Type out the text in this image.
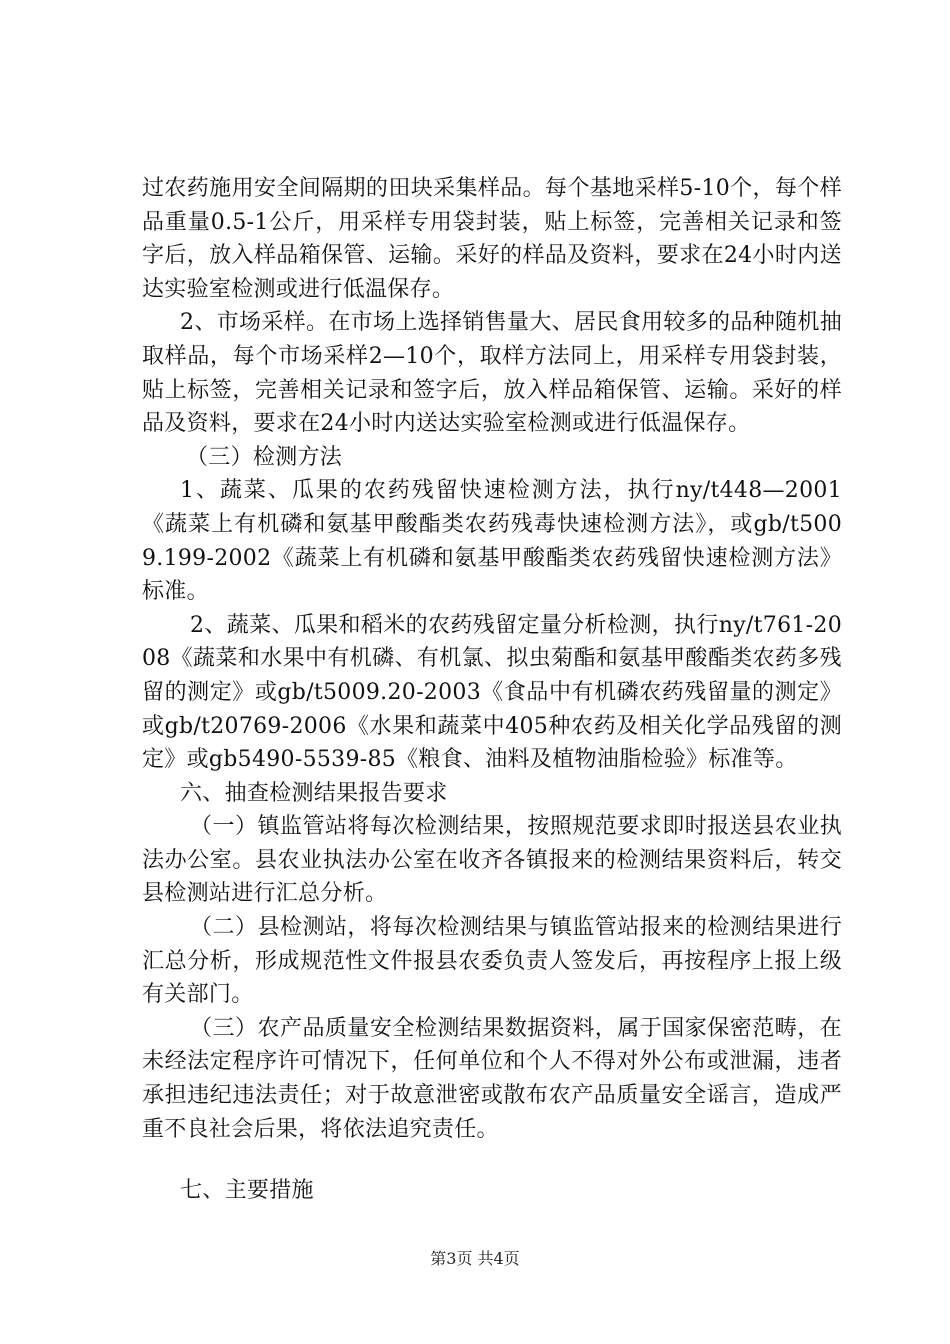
过农药施用安全间隔期的田块采集样品。每个基地采样5-10个，每个样品重量0.5-1公斤，用采样专用袋封装，贴上标签，完善相关记录和签字后，放入样品箱保管、运输。采好的样品及资料，要求在24小时内送达实验室检测或进行低温保存。

2、市场采样。在市场上选择销售量大、居民食用较多的品种随机抽取样品，每个市场采样2—10个，取样方法同上，用采样专用袋封装，贴上标签，完善相关记录和签字后，放入样品箱保管、运输。采好的样品及资料，要求在24小时内送达实验室检测或进行低温保存。

（三）检测方法

1、蔬菜、瓜果的农药残留快速检测方法，执行ny/t448—2001《蔬菜上有机磷和氨基甲酸酯类农药残毒快速检测方法》，或gb/t5009.199-2002《蔬菜上有机磷和氨基甲酸酯类农药残留快速检测方法》标准。

2、蔬菜、瓜果和稻米的农药残留定量分析检测，执行ny/t761-2008《蔬菜和水果中有机磷、有机氯、拟虫菊酯和氨基甲酸酯类农药多残留的测定》或gb/t5009.20-2003《食品中有机磷农药残留量的测定》或gb/t20769-2006《水果和蔬菜中405种农药及相关化学品残留的测定》或gb5490-5539-85《粮食、油料及植物油脂检验》标准等。

六、抽查检测结果报告要求

（一）镇监管站将每次检测结果，按照规范要求即时报送县农业执法办公室。县农业执法办公室在收齐各镇报来的检测结果资料后，转交县检测站进行汇总分析。

（二）县检测站，将每次检测结果与镇监管站报来的检测结果进行汇总分析，形成规范性文件报县农委负责人签发后，再按程序上报上级有关部门。

（三）农产品质量安全检测结果数据资料，属于国家保密范畴，在未经法定程序许可情况下，任何单位和个人不得对外公布或泄漏，违者承担违纪违法责任；对于故意泄密或散布农产品质量安全谣言，造成严重不良社会后果，将依法追究责任。

七、主要措施

第3页 共4页
